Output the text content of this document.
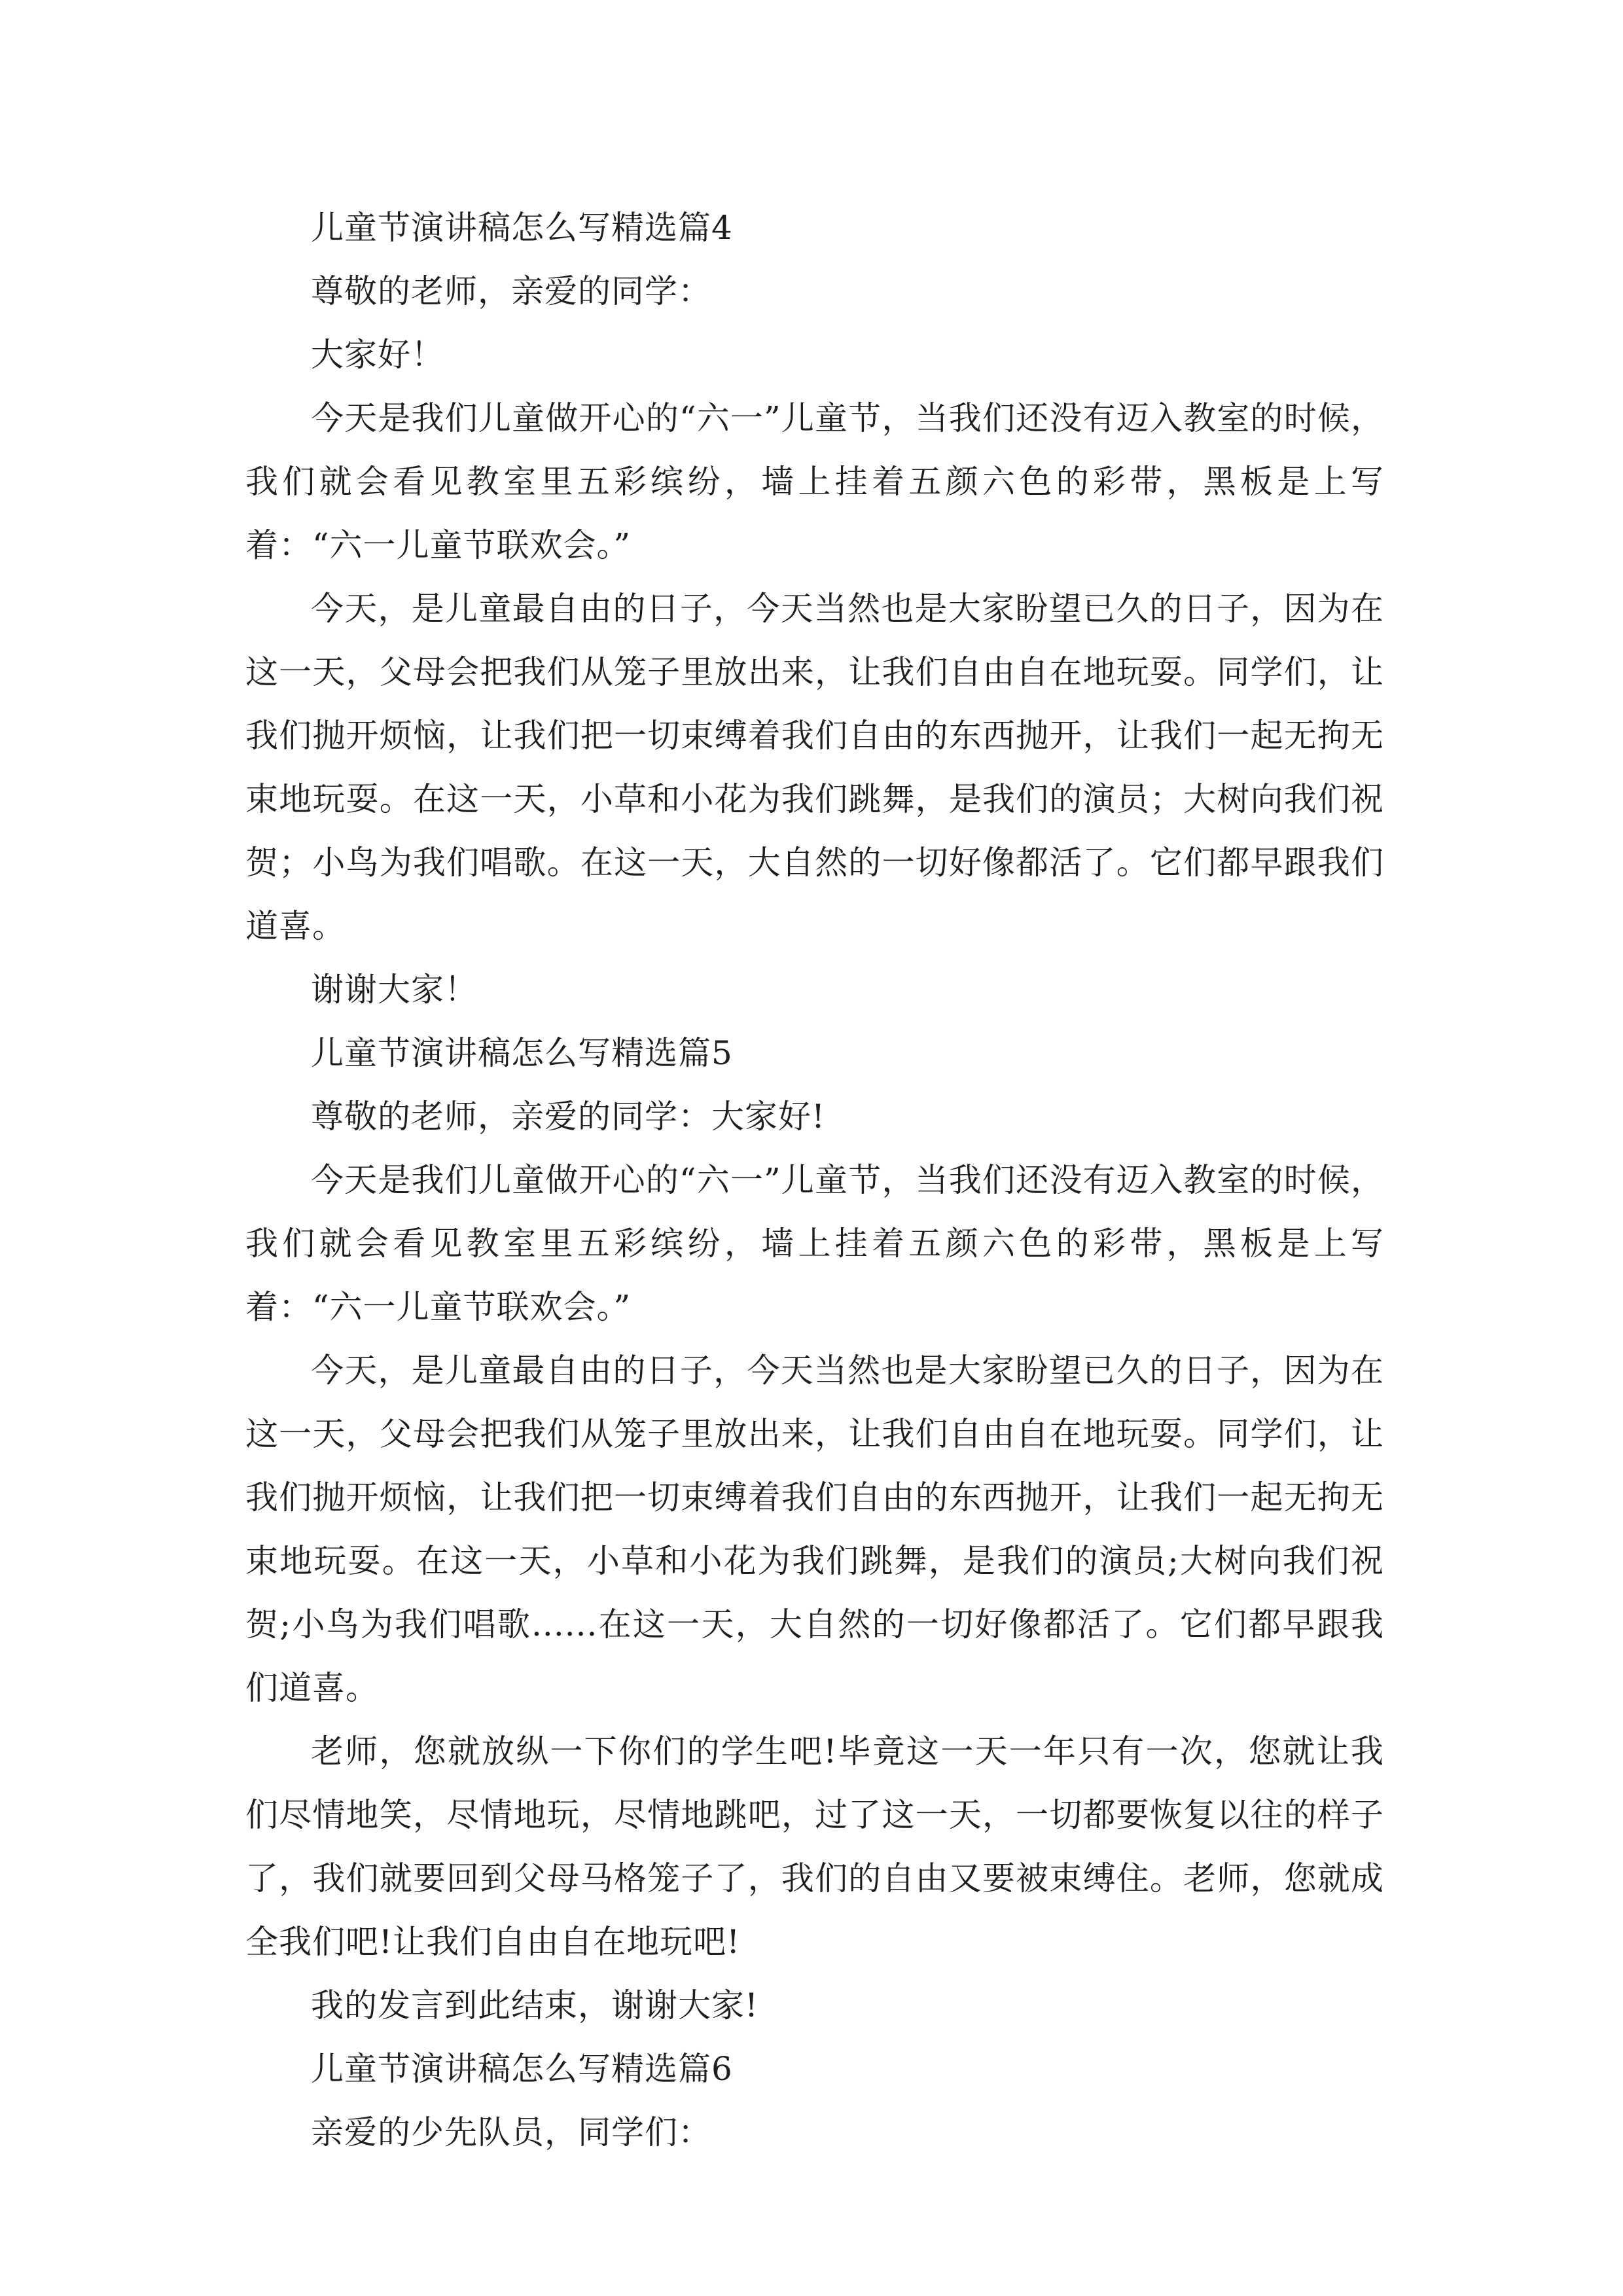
儿童节演讲稿怎么写精选篇4

尊敬的老师，亲爱的同学：

大家好！

今天是我们儿童做开心的“六一”儿童节，当我们还没有迈入教室的时候，我们就会看见教室里五彩缤纷，墙上挂着五颜六色的彩带，黑板是上写着：“六一儿童节联欢会。”

今天，是儿童最自由的日子，今天当然也是大家盼望已久的日子，因为在这一天，父母会把我们从笼子里放出来，让我们自由自在地玩耍。同学们，让我们抛开烦恼，让我们把一切束缚着我们自由的东西抛开，让我们一起无拘无束地玩耍。在这一天，小草和小花为我们跳舞，是我们的演员；大树向我们祝贺；小鸟为我们唱歌。在这一天，大自然的一切好像都活了。它们都早跟我们道喜。

谢谢大家！

儿童节演讲稿怎么写精选篇5

尊敬的老师，亲爱的同学：大家好!

今天是我们儿童做开心的“六一”儿童节，当我们还没有迈入教室的时候，我们就会看见教室里五彩缤纷，墙上挂着五颜六色的彩带，黑板是上写着：“六一儿童节联欢会。”

今天，是儿童最自由的日子，今天当然也是大家盼望已久的日子，因为在这一天，父母会把我们从笼子里放出来，让我们自由自在地玩耍。同学们，让我们抛开烦恼，让我们把一切束缚着我们自由的东西抛开，让我们一起无拘无束地玩耍。在这一天，小草和小花为我们跳舞，是我们的演员;大树向我们祝贺;小鸟为我们唱歌......在这一天，大自然的一切好像都活了。它们都早跟我们道喜。

老师，您就放纵一下你们的学生吧!毕竟这一天一年只有一次，您就让我们尽情地笑，尽情地玩，尽情地跳吧，过了这一天，一切都要恢复以往的样子了，我们就要回到父母马格笼子了，我们的自由又要被束缚住。老师，您就成全我们吧!让我们自由自在地玩吧!

我的发言到此结束，谢谢大家!

儿童节演讲稿怎么写精选篇6

亲爱的少先队员，同学们：
